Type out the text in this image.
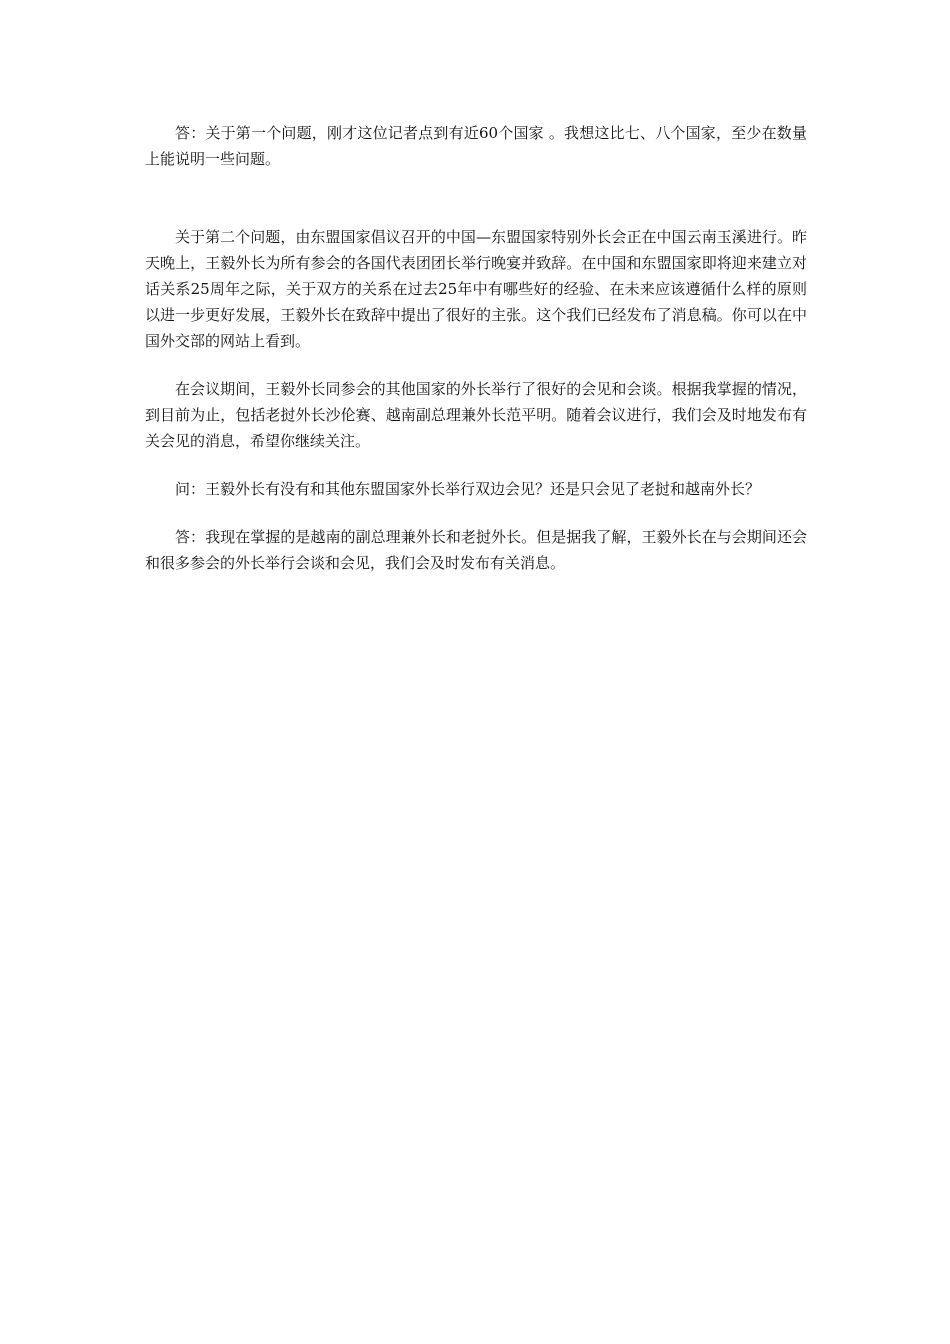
答：关于第一个问题，刚才这位记者点到有近60个国家 。我想这比七、八个国家，至少在数量上能说明一些问题。

关于第二个问题，由东盟国家倡议召开的中国—东盟国家特别外长会正在中国云南玉溪进行。昨天晚上，王毅外长为所有参会的各国代表团团长举行晚宴并致辞。在中国和东盟国家即将迎来建立对话关系25周年之际，关于双方的关系在过去25年中有哪些好的经验、在未来应该遵循什么样的原则以进一步更好发展，王毅外长在致辞中提出了很好的主张。这个我们已经发布了消息稿。你可以在中国外交部的网站上看到。

在会议期间，王毅外长同参会的其他国家的外长举行了很好的会见和会谈。根据我掌握的情况，到目前为止，包括老挝外长沙伦赛、越南副总理兼外长范平明。随着会议进行，我们会及时地发布有关会见的消息，希望你继续关注。

问：王毅外长有没有和其他东盟国家外长举行双边会见？还是只会见了老挝和越南外长？

答：我现在掌握的是越南的副总理兼外长和老挝外长。但是据我了解，王毅外长在与会期间还会和很多参会的外长举行会谈和会见，我们会及时发布有关消息。
